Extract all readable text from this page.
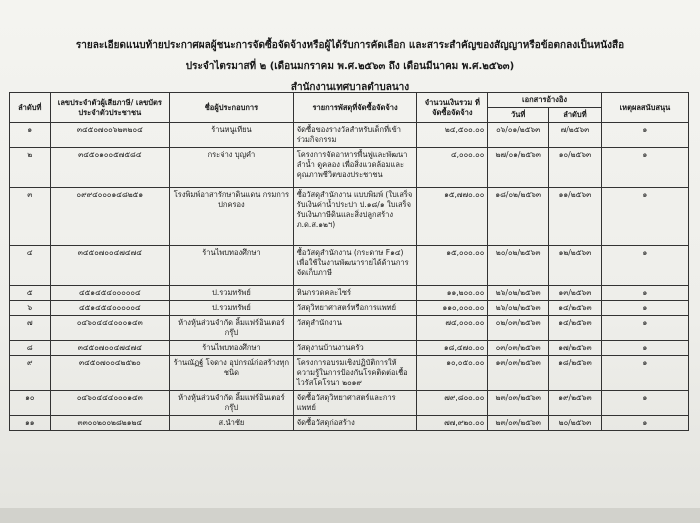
รายละเอียดแนบท้ายประกาศผลผู้ชนะการจัดซื้อจัดจ้างหรือผู้ได้รับการคัดเลือก และสาระสำคัญของสัญญาหรือข้อตกลงเป็นหนังสือ
ประจำไตรมาสที่ ๒ (เดือนมกราคม พ.ศ.๒๕๖๓ ถึง เดือนมีนาคม พ.ศ.๒๕๖๓)
สำนักงานเทศบาลตำบลนาง
ลำดับที่	เลขประจำตัวผู้เสียภาษี/ เลขบัตรประจำตัวประชาชน	ชื่อผู้ประกอบการ	รายการพัสดุที่จัดซื้อจัดจ้าง	จำนวนเงินรวม ที่จัดซื้อจัดจ้าง	เอกสารอ้างอิง		เหตุผลสนับสนุน
					วันที่	ลำดับที่	
๑	๓๔๕๐๗๐๐๖๒๓๒๐๔	ร้านหนูเทียน	จัดซื้อของรางวัลสำหรับเด็กที่เข้าร่วมกิจกรรม	๒๔,๕๐๐.๐๐	๐๖/๐๑/๒๕๖๓	๗/๒๕๖๓	๑
๒	๓๔๕๐๑๐๐๕๗๕๘๔	กระจ่าง บุญคำ	โครงการจัดอาหารพื้นฟูและพัฒนาลำน้ำ ดูคลอง เพื่อสิ่งแวดล้อมและคุณภาพชีวิตของประชาชน	๔,๐๐๐.๐๐	๒๗/๐๑/๒๕๖๓	๑๐/๒๕๖๓	๑
๓	๐๙๙๔๐๐๐๑๔๘๒๕๑	โรงพิมพ์อาสารักษาดินแดน กรมการปกครอง	ซื้อวัสดุสำนักงาน แบบพิมพ์ (ใบเสร็จรับเงินค่าน้ำประปา ป.๑๘/๑ ใบเสร็จรับเงินภาษีดินและสิ่งปลูกสร้าง ภ.ด.ส.๑๒ฯ)	๑๕,๗๗๐.๐๐	๑๘/๐๒/๒๕๖๓	๑๑/๒๕๖๓	๑
๔	๓๔๕๐๗๐๐๔๗๔๗๔	ร้านไพบทองศึกษา	ซื้อวัสดุสำนักงาน (กระดาษ F๑๔) เพื่อใช้ในงานพัฒนารายได้ด้านการจัดเก็บภาษี	๑๕,๐๐๐.๐๐	๒๐/๐๒/๒๕๖๓	๑๒/๒๕๖๓	๑
๕	๔๕๑๔๕๔๐๐๐๐๐๔	ป.รวมทรัพย์	หินกรวดคละไซร์	๑๑,๒๐๐.๐๐	๒๖/๐๒/๒๕๖๓	๑๓/๒๕๖๓	๑
๖	๔๕๑๔๕๔๐๐๐๐๐๔	ป.รวมทรัพย์	วัสดุวิทยาศาสตร์หรือการแพทย์	๑๑๐,๐๐๐.๐๐	๒๖/๐๒/๒๕๖๓	๑๔/๒๕๖๓	๑
๗	๐๔๖๐๔๔๔๐๐๐๑๔๓	ห้างหุ้นส่วนจำกัด ลิ้มแฟร์อินเตอร์กรุ๊ป	วัสดุสำนักงาน	๗๔,๐๐๐.๐๐	๐๒/๐๓/๒๕๖๓	๑๔/๒๕๖๓	๑
๘	๓๔๕๐๗๐๐๔๗๔๗๔	ร้านไพบทองศึกษา	วัสดุงานบ้านงานครัว	๑๘,๔๗๐.๐๐	๐๓/๐๓/๒๕๖๓	๑๗/๒๕๖๓	๑
๙	๓๔๕๐๗๐๐๔๒๕๒๐	ร้านณัฏฐ์ โจดาง อุปกรณ์ก่อสร้างทุกชนิด	โครงการอบรมเชิงปฏิบัติการให้ความรู้ในการป้องกันโรคติดต่อเชื้อไวรัสโคโรนา ๒๐๑๙	๑๐,๐๕๐.๐๐	๑๓/๐๓/๒๕๖๓	๑๘/๒๕๖๓	๑
๑๐	๐๔๖๐๔๔๔๐๐๐๑๔๓	ห้างหุ้นส่วนจำกัด ลิ้มแฟร์อินเตอร์กรุ๊ป	จัดซื้อวัสดุวิทยาศาสตร์และการแพทย์	๗๙,๘๐๐.๐๐	๒๓/๐๓/๒๕๖๓	๑๙/๒๕๖๓	๑
๑๑	๓๓๐๐๒๐๐๒๘๒๑๒๔	ส.นำชัย	จัดซื้อวัสดุก่อสร้าง	๗๗,๙๒๐.๐๐	๒๓/๐๓/๒๕๖๓	๒๐/๒๕๖๓	๑
